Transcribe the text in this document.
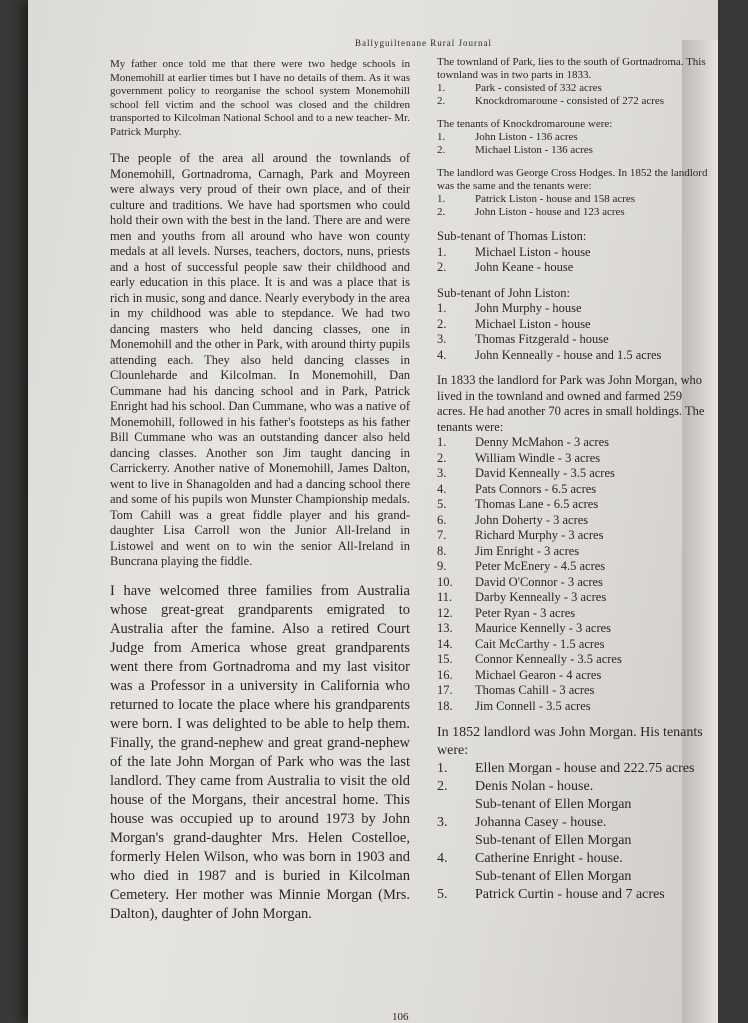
Ballyguiltenane Rural Journal

My father once told me that there were two hedge schools in Monemohill at earlier times but I have no details of them. As it was government policy to reorganise the school system Monemohill school fell victim and the school was closed and the children transported to Kilcolman National School and to a new teacher- Mr. Patrick Murphy.

The people of the area all around the townlands of Monemohill, Gortnadroma, Carnagh, Park and Moyreen were always very proud of their own place, and of their culture and traditions. We have had sportsmen who could hold their own with the best in the land. There are and were men and youths from all around who have won county medals at all levels. Nurses, teachers, doctors, nuns, priests and a host of successful people saw their childhood and early education in this place. It is and was a place that is rich in music, song and dance. Nearly everybody in the area in my childhood was able to stepdance. We had two dancing masters who held dancing classes, one in Monemohill and the other in Park, with around thirty pupils attending each. They also held dancing classes in Clounleharde and Kilcolman. In Monemohill, Dan Cummane had his dancing school and in Park, Patrick Enright had his school. Dan Cummane, who was a native of Monemohill, followed in his father's footsteps as his father Bill Cummane who was an outstanding dancer also held dancing classes. Another son Jim taught dancing in Carrickerry. Another native of Monemohill, James Dalton, went to live in Shanagolden and had a dancing school there and some of his pupils won Munster Championship medals. Tom Cahill was a great fiddle player and his grand-daughter Lisa Carroll won the Junior All-Ireland in Listowel and went on to win the senior All-Ireland in Buncrana playing the fiddle.

I have welcomed three families from Australia whose great-great grandparents emigrated to Australia after the famine. Also a retired Court Judge from America whose great grandparents went there from Gortnadroma and my last visitor was a Professor in a university in California who returned to locate the place where his grandparents were born. I was delighted to be able to help them. Finally, the grand-nephew and great grand-nephew of the late John Morgan of Park who was the last landlord. They came from Australia to visit the old house of the Morgans, their ancestral home. This house was occupied up to around 1973 by John Morgan's grand-daughter Mrs. Helen Costelloe, formerly Helen Wilson, who was born in 1903 and who died in 1987 and is buried in Kilcolman Cemetery. Her mother was Minnie Morgan (Mrs. Dalton), daughter of John Morgan.

The townland of Park, lies to the south of Gortnadroma. This townland was in two parts in 1833.
1.	Park - consisted of 332 acres
2.	Knockdromaroune - consisted of 272 acres
The tenants of Knockdromaroune were:
1.	John Liston - 136 acres
2.	Michael Liston - 136 acres
The landlord was George Cross Hodges. In 1852 the landlord was the same and the tenants were:
1.	Patrick Liston - house and 158 acres
2.	John Liston - house and 123 acres
Sub-tenant of Thomas Liston:
1.	Michael Liston - house
2.	John Keane - house
Sub-tenant of John Liston:
1.	John Murphy - house
2.	Michael Liston - house
3.	Thomas Fitzgerald - house
4.	John Kenneally - house and 1.5 acres
In 1833 the landlord for Park was John Morgan, who lived in the townland and owned and farmed 259 acres. He had another 70 acres in small holdings. The tenants were:
1.	Denny McMahon - 3 acres
2.	William Windle - 3 acres
3.	David Kenneally - 3.5 acres
4.	Pats Connors - 6.5 acres
5.	Thomas Lane - 6.5 acres
6.	John Doherty - 3 acres
7.	Richard Murphy - 3 acres
8.	Jim Enright - 3 acres
9.	Peter McEnery - 4.5 acres
10.	David O'Connor - 3 acres
11.	Darby Kenneally - 3 acres
12.	Peter Ryan - 3 acres
13.	Maurice Kennelly - 3 acres
14.	Cait McCarthy - 1.5 acres
15.	Connor Kenneally - 3.5 acres
16.	Michael Gearon - 4 acres
17.	Thomas Cahill - 3 acres
18.	Jim Connell - 3.5 acres
In 1852 landlord was John Morgan. His tenants were:
1.	Ellen Morgan - house and 222.75 acres
2.	Denis Nolan - house.
Sub-tenant of Ellen Morgan
3.	Johanna Casey - house.
Sub-tenant of Ellen Morgan
4.	Catherine Enright - house.
Sub-tenant of Ellen Morgan
5.	Patrick Curtin - house and 7 acres
106
